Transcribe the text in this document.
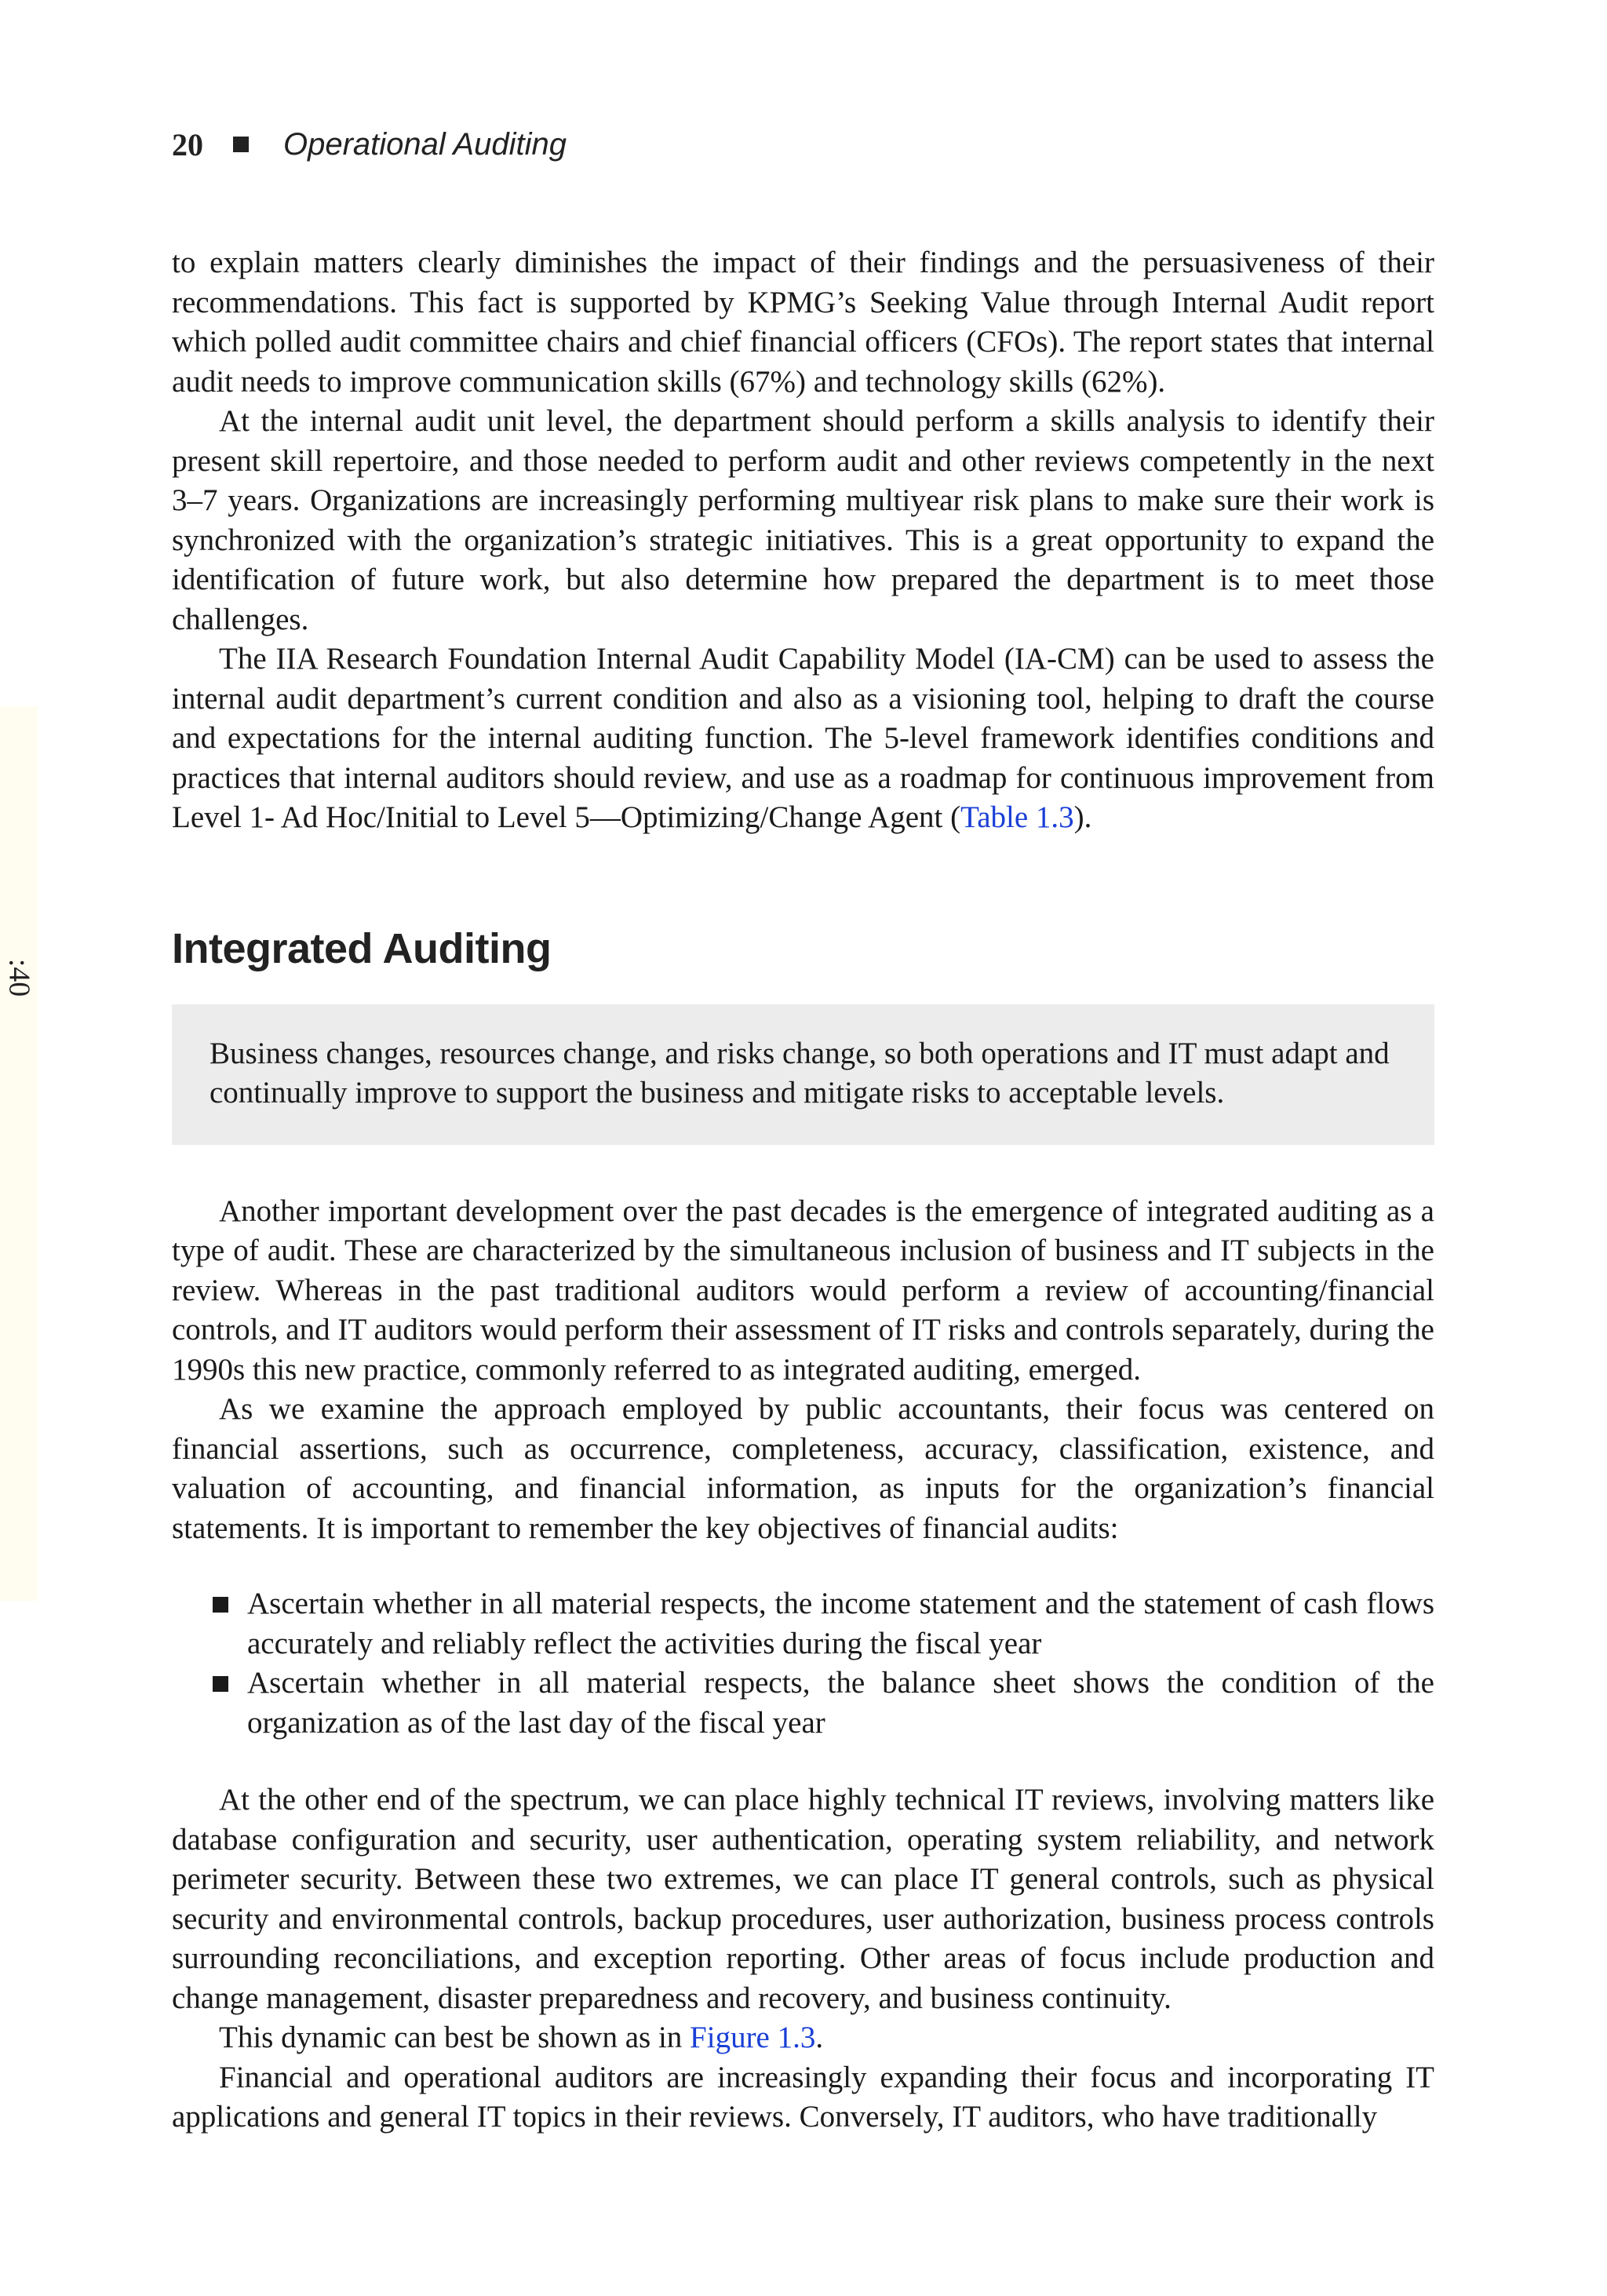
:40
20	Operational Auditing

to explain matters clearly diminishes the impact of their findings and the persuasiveness of their recommendations. This fact is supported by KPMG’s Seeking Value through Internal Audit report which polled audit committee chairs and chief financial officers (CFOs). The report states that internal audit needs to improve communication skills (67%) and technology skills (62%).

At the internal audit unit level, the department should perform a skills analysis to identify their present skill repertoire, and those needed to perform audit and other reviews competently in the next 3–7 years. Organizations are increasingly performing multiyear risk plans to make sure their work is synchronized with the organization’s strategic initiatives. This is a great opportunity to expand the identification of future work, but also determine how prepared the department is to meet those challenges.

The IIA Research Foundation Internal Audit Capability Model (IA-CM) can be used to assess the internal audit department’s current condition and also as a visioning tool, helping to draft the course and expectations for the internal auditing function. The 5-level framework identifies conditions and practices that internal auditors should review, and use as a roadmap for continuous improvement from Level 1- Ad Hoc/Initial to Level 5—Optimizing/Change Agent (Table 1.3).

Integrated Auditing

Business changes, resources change, and risks change, so both operations and IT must adapt and continually improve to support the business and mitigate risks to acceptable levels.

Another important development over the past decades is the emergence of integrated auditing as a type of audit. These are characterized by the simultaneous inclusion of business and IT subjects in the review. Whereas in the past traditional auditors would perform a review of accounting/financial controls, and IT auditors would perform their assessment of IT risks and controls separately, during the 1990s this new practice, commonly referred to as integrated auditing, emerged.

As we examine the approach employed by public accountants, their focus was centered on financial assertions, such as occurrence, completeness, accuracy, classification, existence, and valuation of accounting, and financial information, as inputs for the organization’s financial statements. It is important to remember the key objectives of financial audits:

Ascertain whether in all material respects, the income statement and the statement of cash flows accurately and reliably reflect the activities during the fiscal year
Ascertain whether in all material respects, the balance sheet shows the condition of the organization as of the last day of the fiscal year

At the other end of the spectrum, we can place highly technical IT reviews, involving matters like database configuration and security, user authentication, operating system reliability, and network perimeter security. Between these two extremes, we can place IT general controls, such as physical security and environmental controls, backup procedures, user authorization, business process controls surrounding reconciliations, and exception reporting. Other areas of focus include production and change management, disaster preparedness and recovery, and business continuity.

This dynamic can best be shown as in Figure 1.3.

Financial and operational auditors are increasingly expanding their focus and incorporating IT applications and general IT topics in their reviews. Conversely, IT auditors, who have traditionally
